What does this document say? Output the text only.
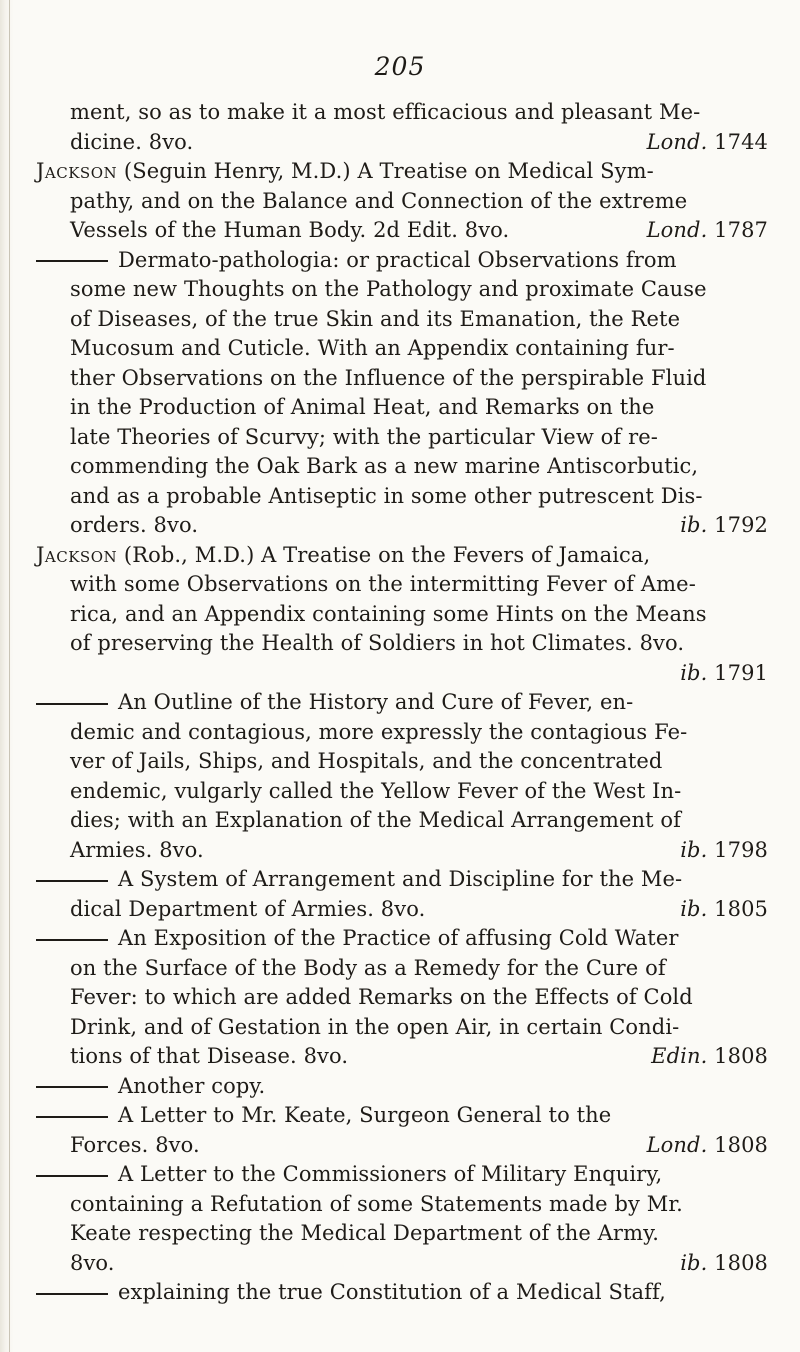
205
ment, so as to make it a most efficacious and pleasant Me-
dicine. 8vo.	Lond. 1744
Jackson (Seguin Henry, M.D.) A Treatise on Medical Sym-
pathy, and on the Balance and Connection of the extreme
Vessels of the Human Body. 2d Edit. 8vo.	Lond. 1787
Dermato-pathologia: or practical Observations from
some new Thoughts on the Pathology and proximate Cause
of Diseases, of the true Skin and its Emanation, the Rete
Mucosum and Cuticle. With an Appendix containing fur-
ther Observations on the Influence of the perspirable Fluid
in the Production of Animal Heat, and Remarks on the
late Theories of Scurvy; with the particular View of re-
commending the Oak Bark as a new marine Antiscorbutic,
and as a probable Antiseptic in some other putrescent Dis-
orders. 8vo.	ib. 1792
Jackson (Rob., M.D.) A Treatise on the Fevers of Jamaica,
with some Observations on the intermitting Fever of Ame-
rica, and an Appendix containing some Hints on the Means
of preserving the Health of Soldiers in hot Climates. 8vo.
ib. 1791
An Outline of the History and Cure of Fever, en-
demic and contagious, more expressly the contagious Fe-
ver of Jails, Ships, and Hospitals, and the concentrated
endemic, vulgarly called the Yellow Fever of the West In-
dies; with an Explanation of the Medical Arrangement of
Armies. 8vo.	ib. 1798
A System of Arrangement and Discipline for the Me-
dical Department of Armies. 8vo.	ib. 1805
An Exposition of the Practice of affusing Cold Water
on the Surface of the Body as a Remedy for the Cure of
Fever: to which are added Remarks on the Effects of Cold
Drink, and of Gestation in the open Air, in certain Condi-
tions of that Disease. 8vo.	Edin. 1808
Another copy.
A Letter to Mr. Keate, Surgeon General to the
Forces. 8vo.	Lond. 1808
A Letter to the Commissioners of Military Enquiry,
containing a Refutation of some Statements made by Mr.
Keate respecting the Medical Department of the Army.
8vo.	ib. 1808
explaining the true Constitution of a Medical Staff,
